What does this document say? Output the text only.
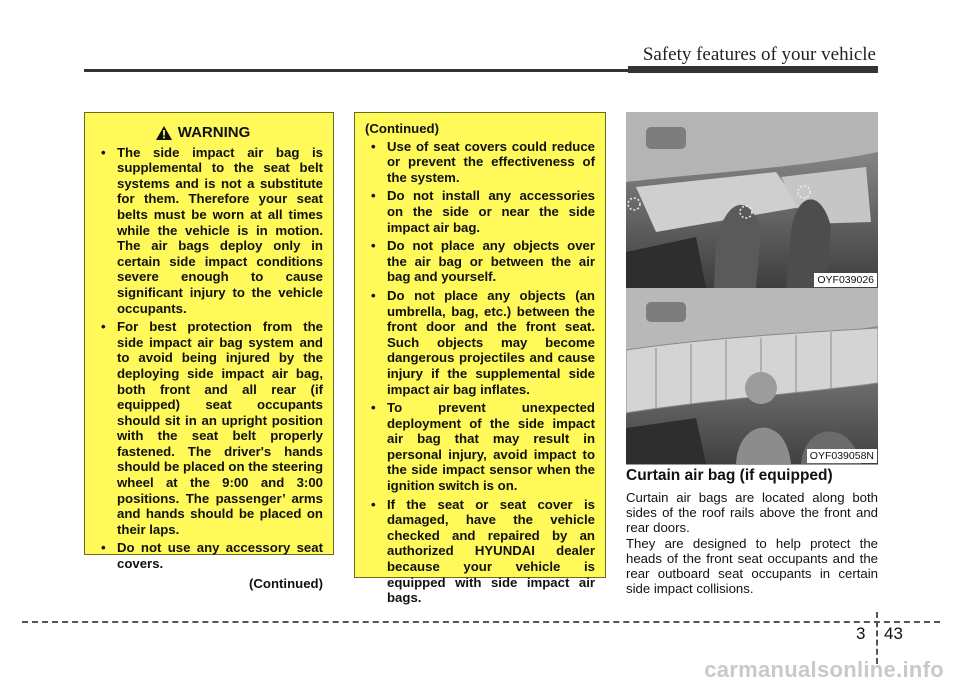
Safety features of your vehicle
WARNING
• The side impact air bag is supplemental to the seat belt systems and is not a substitute for them. Therefore your seat belts must be worn at all times while the vehicle is in motion. The air bags deploy only in certain side impact conditions severe enough to cause significant injury to the vehicle occupants.
• For best protection from the side impact air bag system and to avoid being injured by the deploying side impact air bag, both front and all rear (if equipped) seat occupants should sit in an upright position with the seat belt properly fastened. The driver's hands should be placed on the steering wheel at the 9:00 and 3:00 positions. The passenger’ arms and hands should be placed on their laps.
• Do not use any accessory seat covers.
(Continued)
(Continued)
• Use of seat covers could reduce or prevent the effectiveness of the system.
• Do not install any accessories on the side or near the side impact air bag.
• Do not place any objects over the air bag or between the air bag and yourself.
• Do not place any objects (an umbrella, bag, etc.) between the front door and the front seat. Such objects may become dangerous projectiles and cause injury if the supplemental side impact air bag inflates.
• To prevent unexpected deployment of the side impact air bag that may result in personal injury, avoid impact to the side impact sensor when the ignition switch is on.
• If the seat or seat cover is damaged, have the vehicle checked and repaired by an authorized HYUNDAI dealer because your vehicle is equipped with side impact air bags.
OYF039026
OYF039058N
Curtain air bag (if equipped)

Curtain air bags are located along both sides of the roof rails above the front and rear doors.

They are designed to help protect the heads of the front seat occupants and the rear outboard seat occupants in certain side impact collisions.

3 43
carmanualsonline.info
